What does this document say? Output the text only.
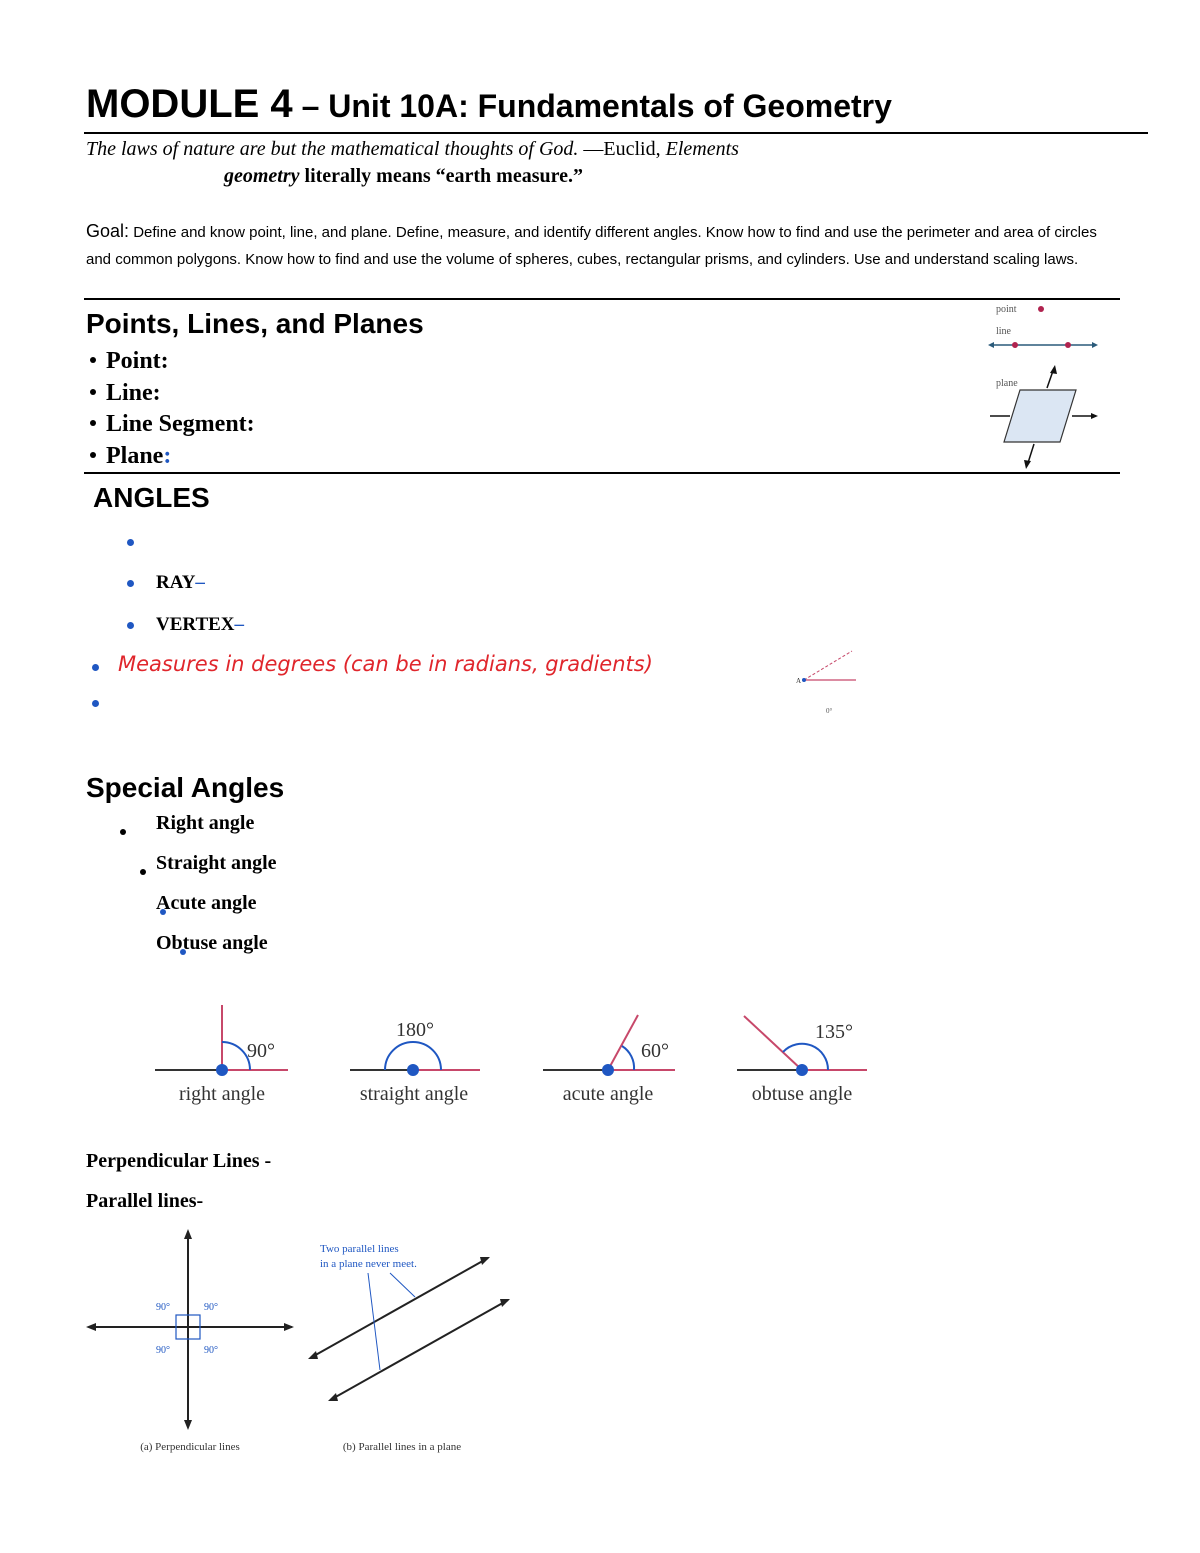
MODULE 4 – Unit 10A: Fundamentals of Geometry
The laws of nature are but the mathematical thoughts of God. —Euclid, Elements
geometry literally means “earth measure.”
Goal: Define and know point, line, and plane. Define, measure, and identify different angles. Know how to find and use the perimeter and area of circles and common polygons. Know how to find and use the volume of spheres, cubes, rectangular prisms, and cylinders. Use and understand scaling laws.
Points, Lines, and Planes
Point:
Line:
Line Segment:
Plane:
point
line
plane
ANGLES
RAY–
VERTEX–
Measures in degrees (can be in radians, gradients)
A
0°
Special Angles

Right angle

Straight angle

Acute angle
Obtuse angle
90°
right angle
180°
straight angle
60°
acute angle
135°
obtuse angle
Perpendicular Lines -
Parallel lines-
90°	90°
90°	90°
(a) Perpendicular lines
Two parallel lines
in a plane never meet.
(b) Parallel lines in a plane
